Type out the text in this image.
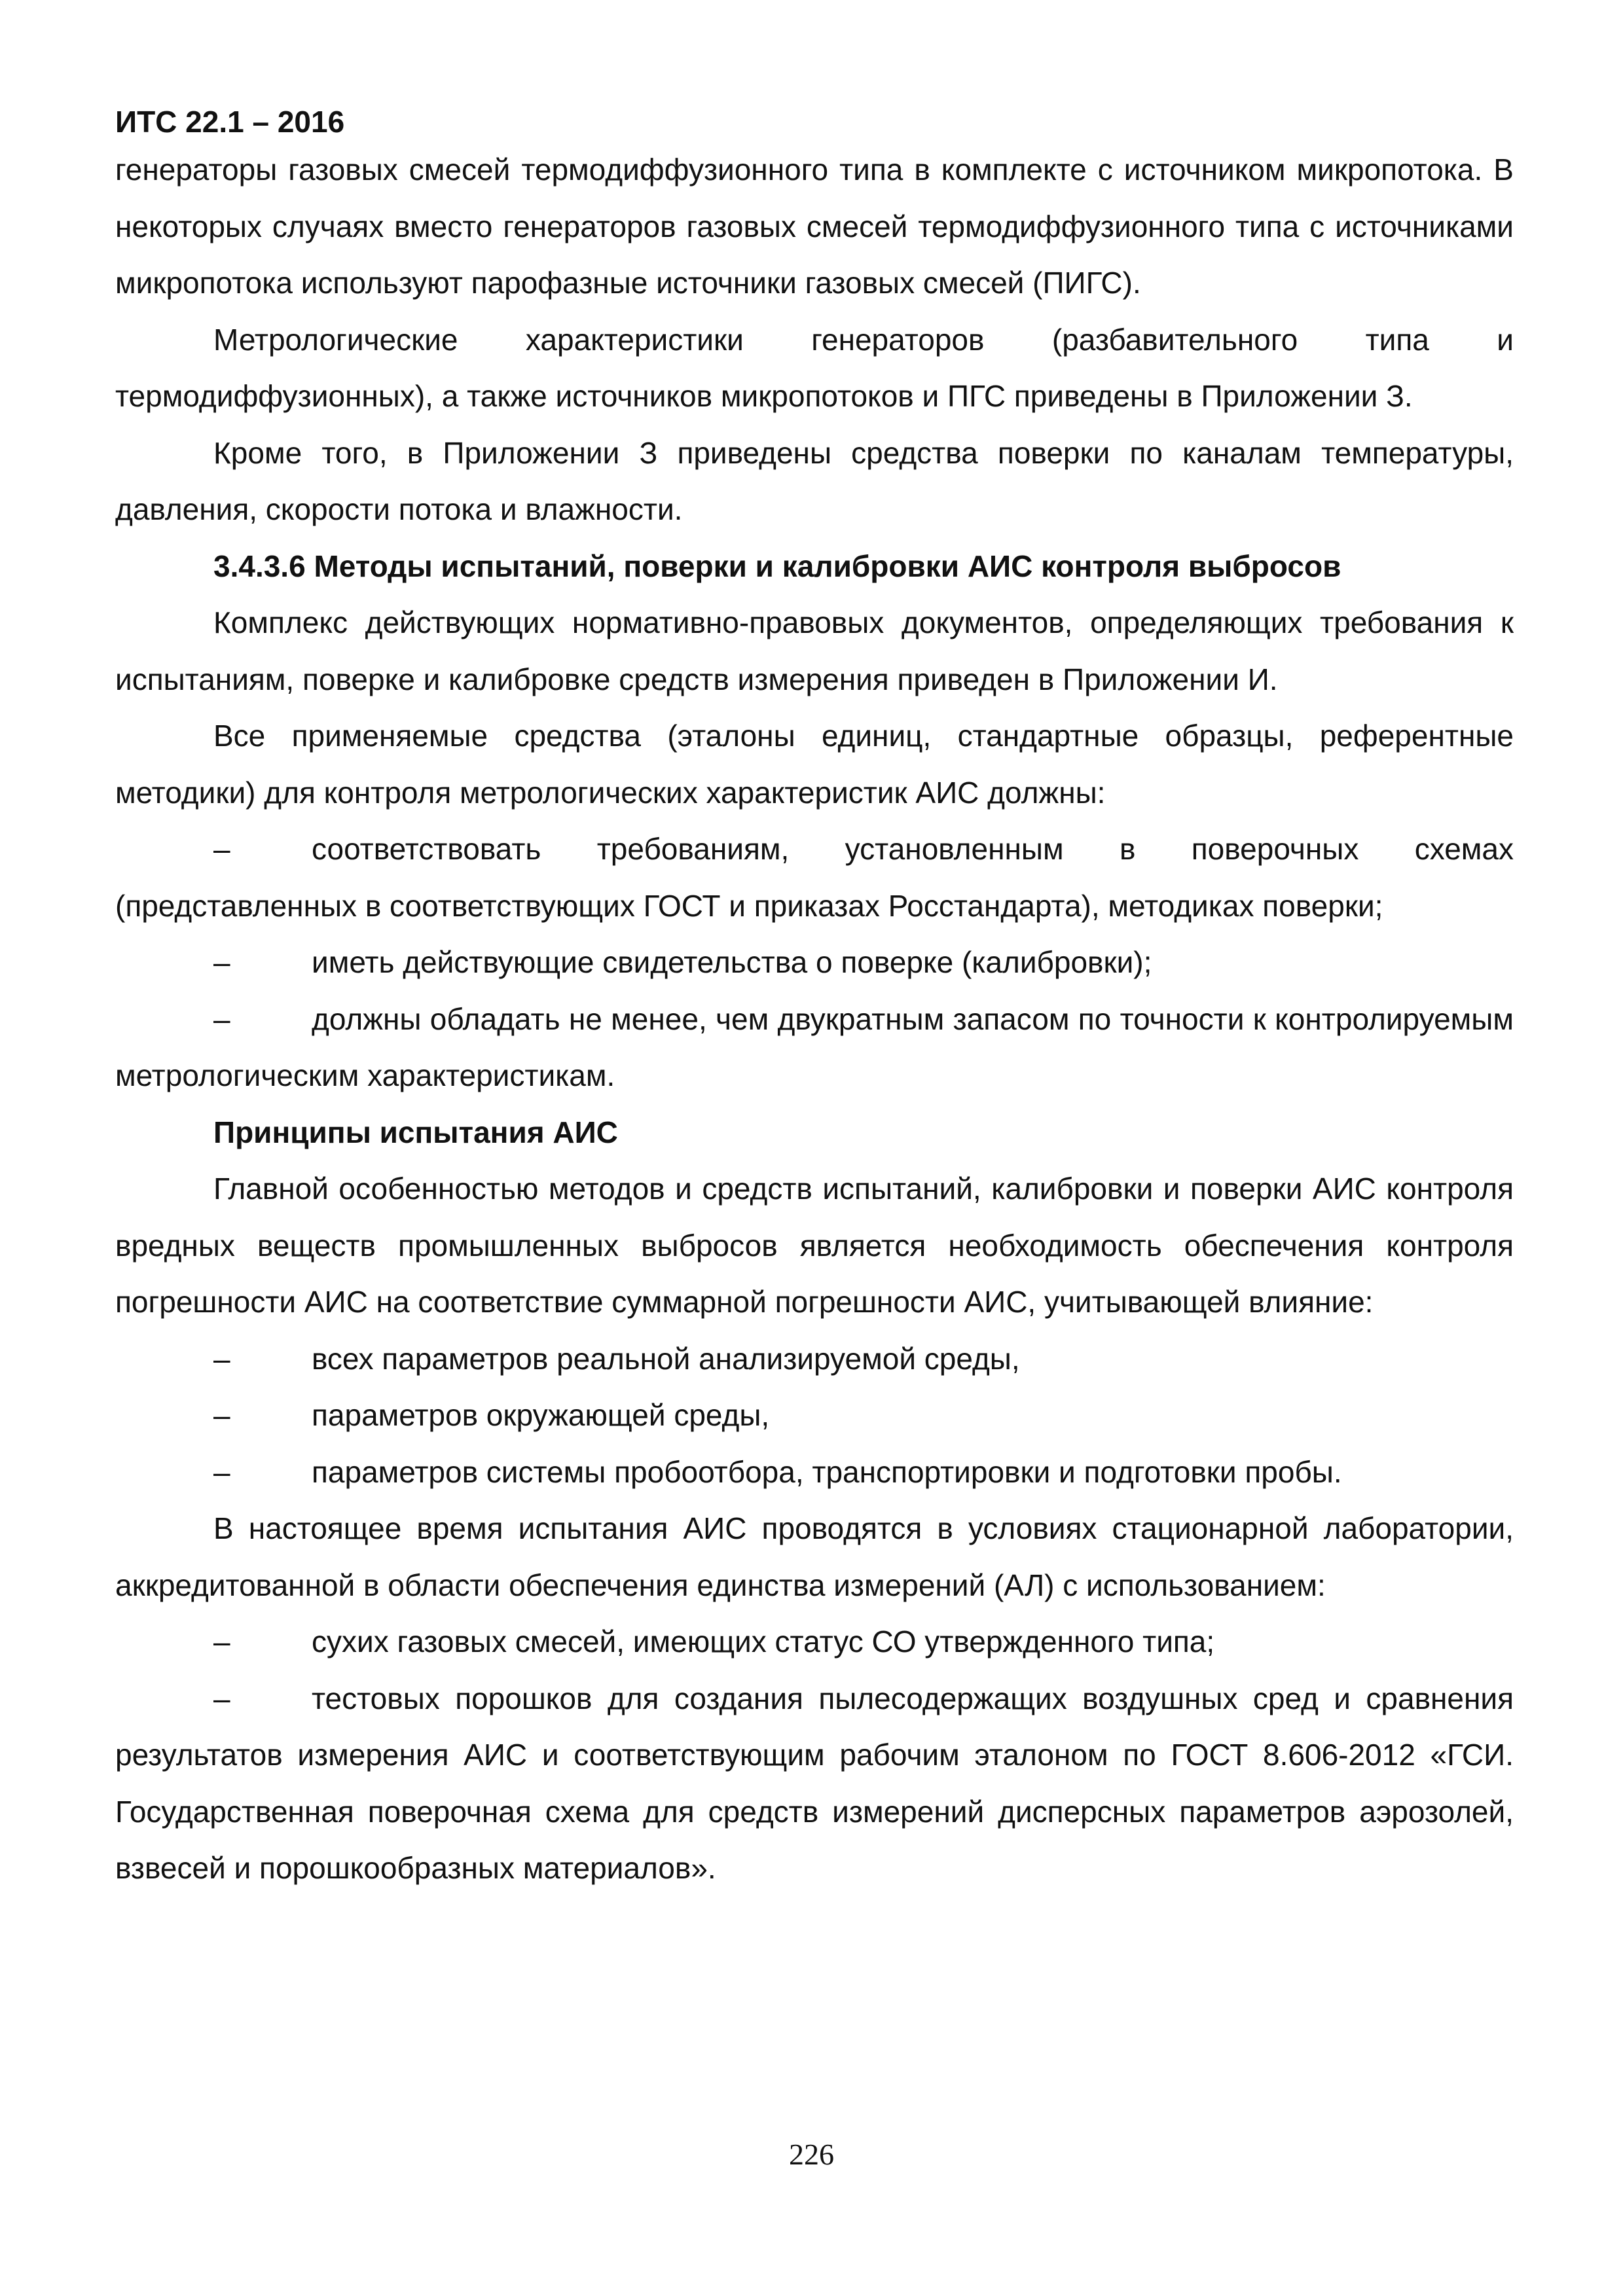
ИТС 22.1 – 2016

генераторы газовых смесей термодиффузионного типа в комплекте с источником микропотока. В некоторых случаях вместо генераторов газовых смесей термодиффузионного типа с источниками микропотока используют парофазные источники газовых смесей (ПИГС).

Метрологические характеристики генераторов (разбавительного типа и термодиффузионных), а также источников микропотоков и ПГС приведены в Приложении З.

Кроме того, в Приложении З приведены средства поверки по каналам температуры, давления, скорости потока и влажности.

3.4.3.6 Методы испытаний, поверки и калибровки АИС контроля выбросов

Комплекс действующих нормативно-правовых документов, определяющих требования к испытаниям, поверке и калибровке средств измерения приведен в Приложении И.

Все применяемые средства (эталоны единиц, стандартные образцы, референтные методики) для контроля метрологических характеристик АИС должны:

–	соответствовать требованиям, установленным в поверочных схемах (представленных в соответствующих ГОСТ и приказах Росстандарта), методиках поверки;

–	иметь действующие свидетельства о поверке (калибровки);

–	должны обладать не менее, чем двукратным запасом по точности к контролируемым метрологическим характеристикам.

Принципы испытания АИС

Главной особенностью методов и средств испытаний, калибровки и поверки АИС контроля вредных веществ промышленных выбросов является необходимость обеспечения контроля погрешности АИС на соответствие суммарной погрешности АИС, учитывающей влияние:

–	всех параметров реальной анализируемой среды,

–	параметров окружающей среды,

–	параметров системы пробоотбора, транспортировки и подготовки пробы.

В настоящее время испытания АИС проводятся в условиях стационарной лаборатории, аккредитованной в области обеспечения единства измерений (АЛ) с использованием:

–	сухих газовых смесей, имеющих статус СО утвержденного типа;

–	тестовых порошков для создания пылесодержащих воздушных сред и сравнения результатов измерения АИС и соответствующим рабочим эталоном по ГОСТ 8.606-2012 «ГСИ. Государственная поверочная схема для средств измерений дисперсных параметров аэрозолей, взвесей и порошкообразных материалов».

226
